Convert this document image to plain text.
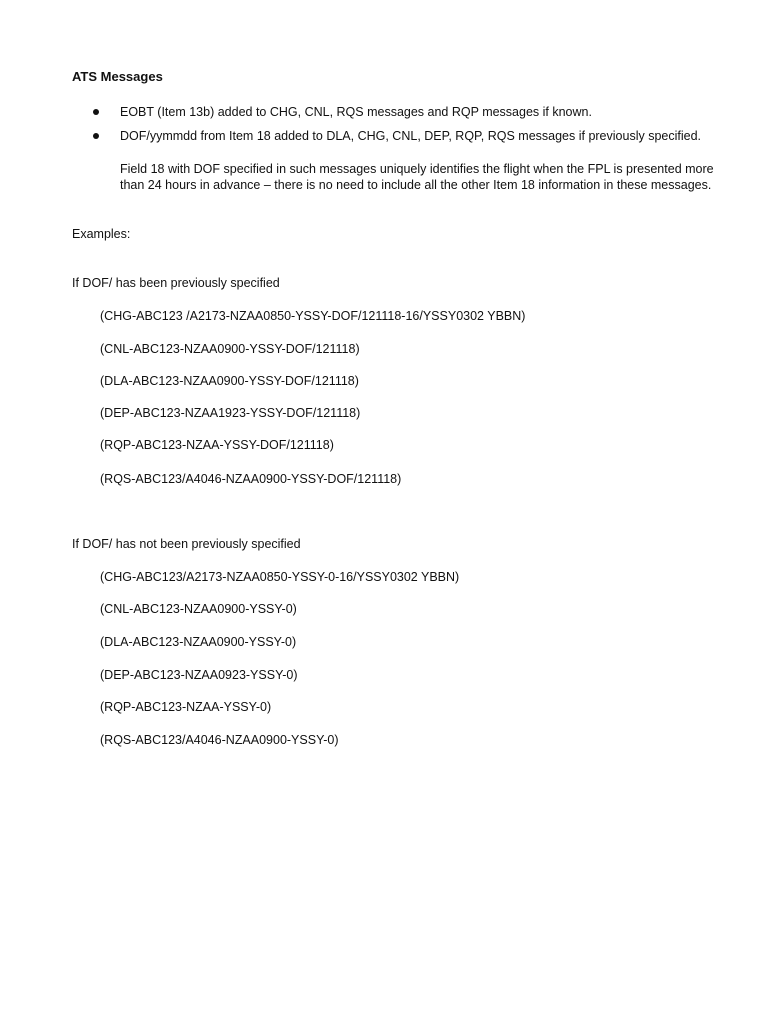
ATS Messages
EOBT (Item 13b) added to CHG, CNL, RQS messages and RQP messages if known.
DOF/yymmdd from Item 18 added to DLA, CHG, CNL, DEP, RQP, RQS messages if previously specified.
Field 18 with DOF specified in such messages uniquely identifies the flight when the FPL is presented more than 24 hours in advance – there is no need to include all the other Item 18 information in these messages.
Examples:
If DOF/ has been previously specified
(CHG-ABC123 /A2173-NZAA0850-YSSY-DOF/121118-16/YSSY0302 YBBN)
(CNL-ABC123-NZAA0900-YSSY-DOF/121118)
(DLA-ABC123-NZAA0900-YSSY-DOF/121118)
(DEP-ABC123-NZAA1923-YSSY-DOF/121118)
(RQP-ABC123-NZAA-YSSY-DOF/121118)
(RQS-ABC123/A4046-NZAA0900-YSSY-DOF/121118)
If DOF/ has not been previously specified
(CHG-ABC123/A2173-NZAA0850-YSSY-0-16/YSSY0302 YBBN)
(CNL-ABC123-NZAA0900-YSSY-0)
(DLA-ABC123-NZAA0900-YSSY-0)
(DEP-ABC123-NZAA0923-YSSY-0)
(RQP-ABC123-NZAA-YSSY-0)
(RQS-ABC123/A4046-NZAA0900-YSSY-0)
